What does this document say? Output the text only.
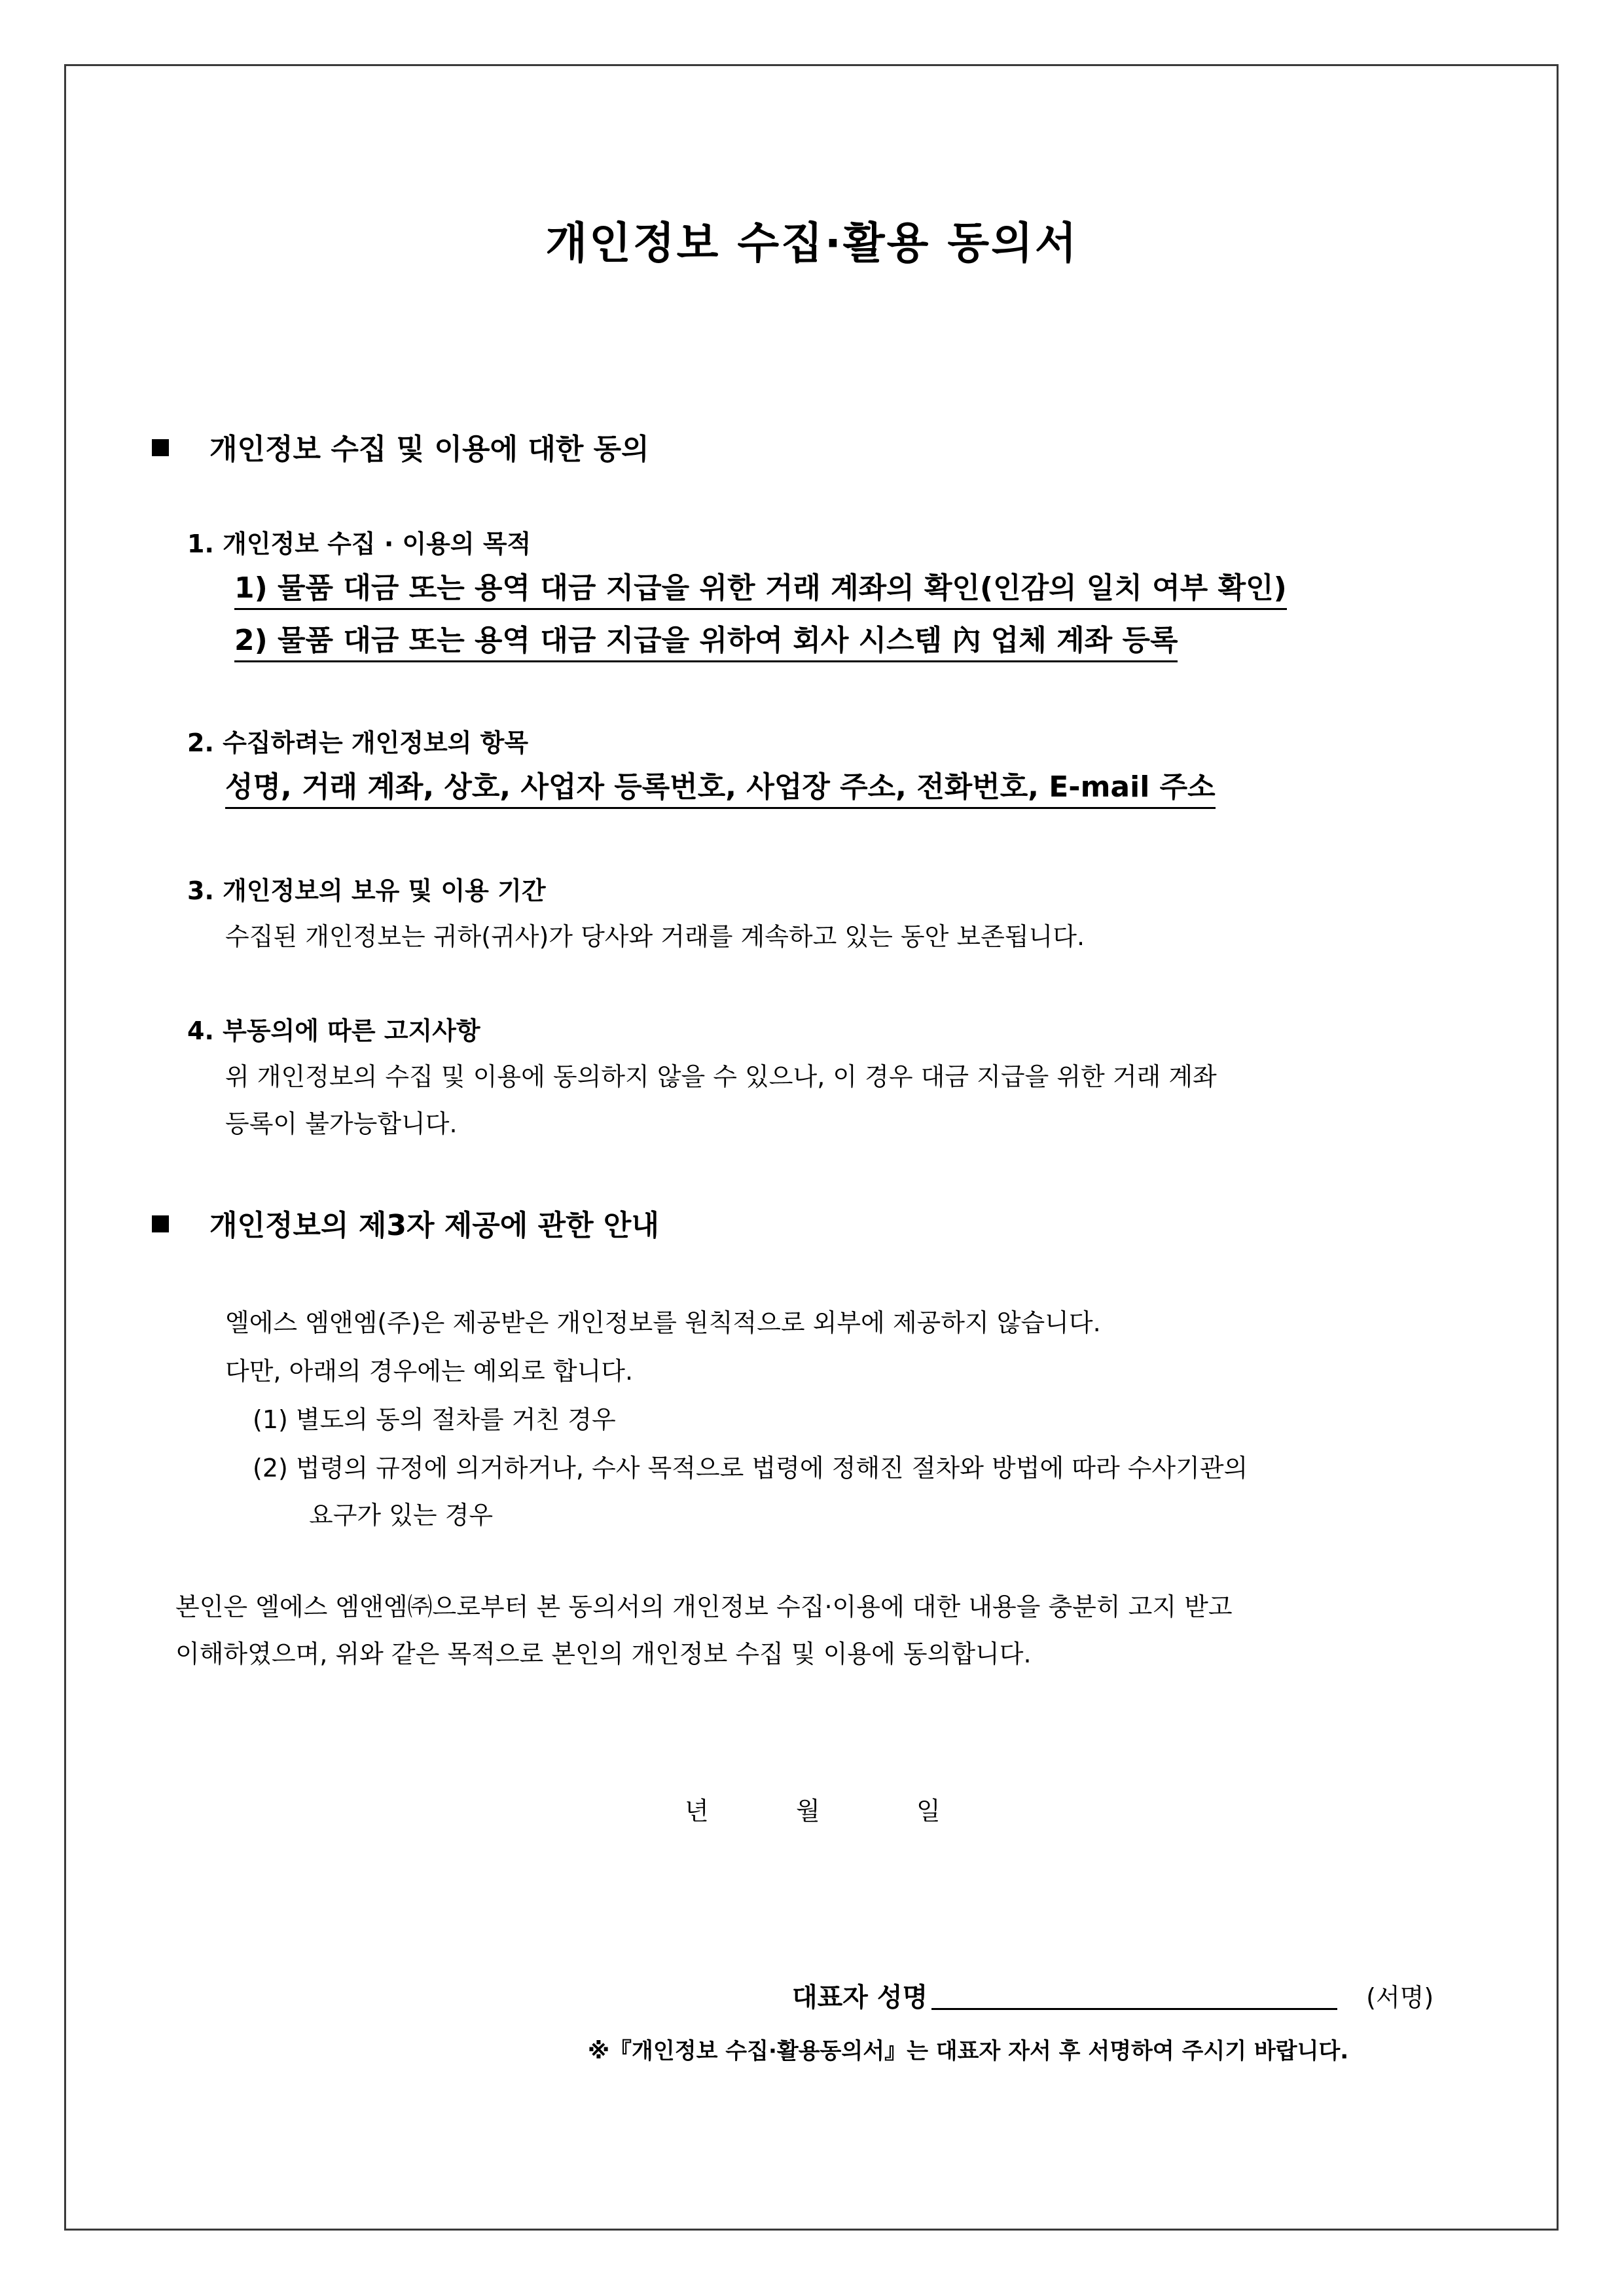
개인정보 수집·활용 동의서
개인정보 수집 및 이용에 대한 동의
1. 개인정보 수집 · 이용의 목적
1) 물품 대금 또는 용역 대금 지급을 위한 거래 계좌의 확인(인감의 일치 여부 확인)
2) 물품 대금 또는 용역 대금 지급을 위하여 회사 시스템 內 업체 계좌 등록
2. 수집하려는 개인정보의 항목
성명, 거래 계좌, 상호, 사업자 등록번호, 사업장 주소, 전화번호, E-mail 주소
3. 개인정보의 보유 및 이용 기간
수집된 개인정보는 귀하(귀사)가 당사와 거래를 계속하고 있는 동안 보존됩니다.
4. 부동의에 따른 고지사항
위 개인정보의 수집 및 이용에 동의하지 않을 수 있으나, 이 경우 대금 지급을 위한 거래 계좌
등록이 불가능합니다.
개인정보의 제3자 제공에 관한 안내
엘에스 엠앤엠(주)은 제공받은 개인정보를 원칙적으로 외부에 제공하지 않습니다.
다만, 아래의 경우에는 예외로 합니다.
(1) 별도의 동의 절차를 거친 경우
(2) 법령의 규정에 의거하거나, 수사 목적으로 법령에 정해진 절차와 방법에 따라 수사기관의
요구가 있는 경우
본인은 엘에스 엠앤엠㈜으로부터 본 동의서의 개인정보 수집·이용에 대한 내용을 충분히 고지 받고
이해하였으며, 위와 같은 목적으로 본인의 개인정보 수집 및 이용에 동의합니다.
년	월	일
대표자 성명	(서명)
※『개인정보 수집·활용동의서』는 대표자 자서 후 서명하여 주시기 바랍니다.
